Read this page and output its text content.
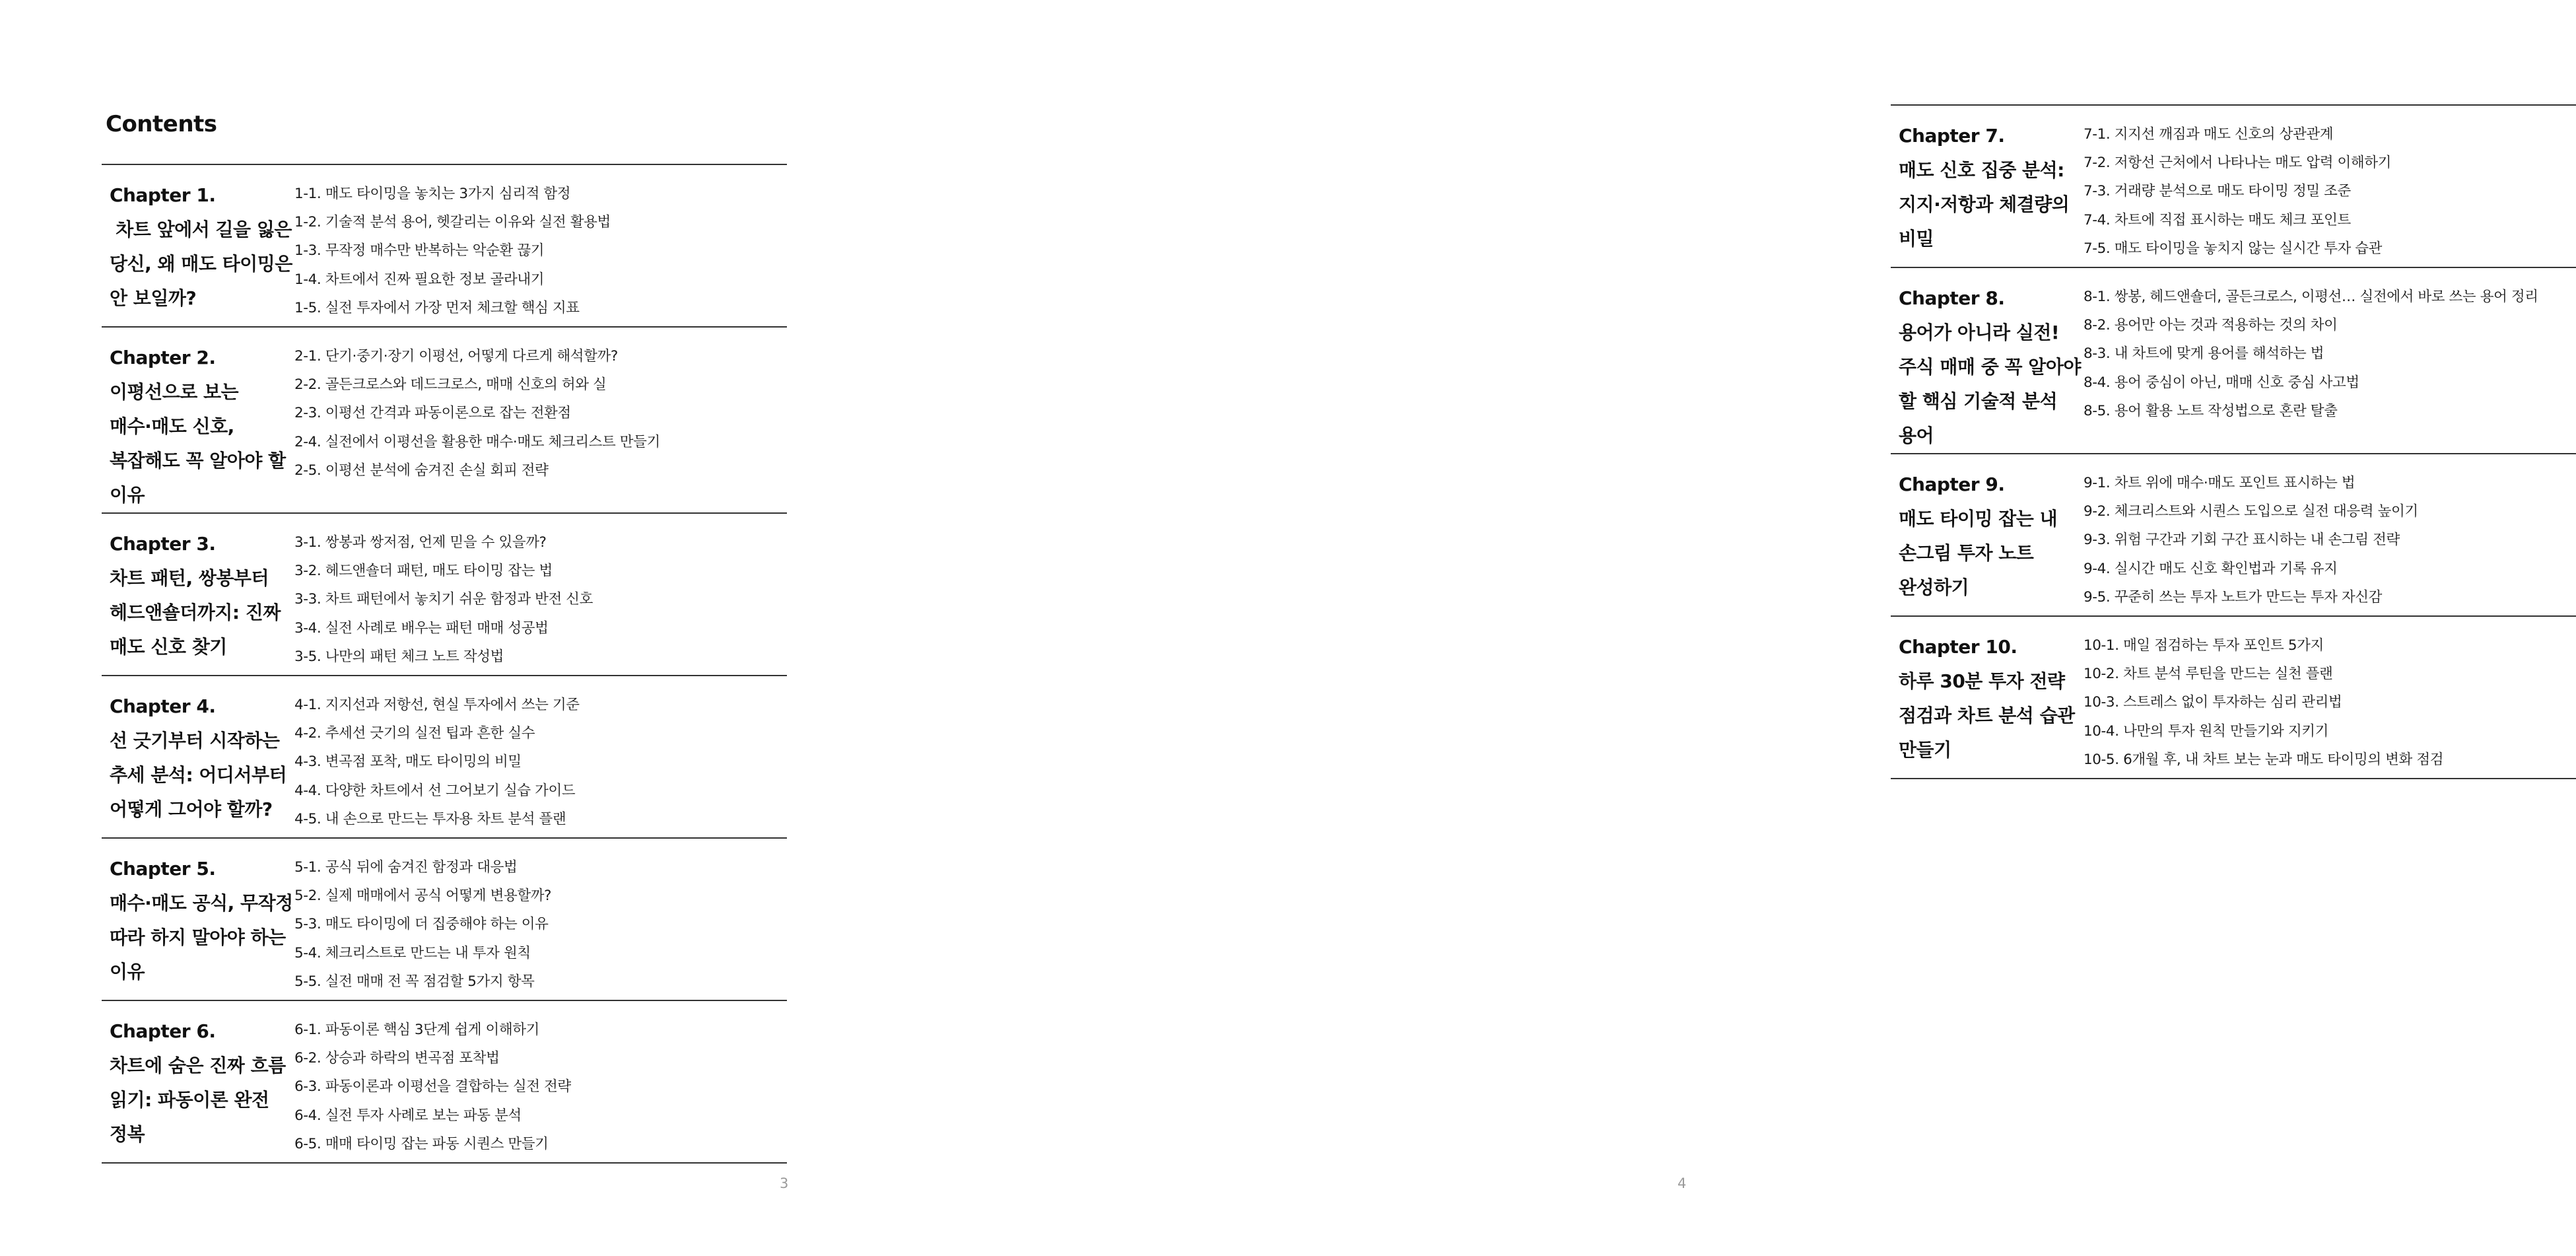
Contents
Chapter 1.
차트 앞에서 길을 잃은
당신, 왜 매도 타이밍은
안 보일까?
1-1. 매도 타이밍을 놓치는 3가지 심리적 함정
1-2. 기술적 분석 용어, 헷갈리는 이유와 실전 활용법
1-3. 무작정 매수만 반복하는 악순환 끊기
1-4. 차트에서 진짜 필요한 정보 골라내기
1-5. 실전 투자에서 가장 먼저 체크할 핵심 지표
Chapter 2.
이평선으로 보는
매수·매도 신호,
복잡해도 꼭 알아야 할
이유
2-1. 단기·중기·장기 이평선, 어떻게 다르게 해석할까?
2-2. 골든크로스와 데드크로스, 매매 신호의 허와 실
2-3. 이평선 간격과 파동이론으로 잡는 전환점
2-4. 실전에서 이평선을 활용한 매수·매도 체크리스트 만들기
2-5. 이평선 분석에 숨겨진 손실 회피 전략
Chapter 3.
차트 패턴, 쌍봉부터
헤드앤숄더까지: 진짜
매도 신호 찾기
3-1. 쌍봉과 쌍저점, 언제 믿을 수 있을까?
3-2. 헤드앤숄더 패턴, 매도 타이밍 잡는 법
3-3. 차트 패턴에서 놓치기 쉬운 함정과 반전 신호
3-4. 실전 사례로 배우는 패턴 매매 성공법
3-5. 나만의 패턴 체크 노트 작성법
Chapter 4.
선 긋기부터 시작하는
추세 분석: 어디서부터
어떻게 그어야 할까?
4-1. 지지선과 저항선, 현실 투자에서 쓰는 기준
4-2. 추세선 긋기의 실전 팁과 흔한 실수
4-3. 변곡점 포착, 매도 타이밍의 비밀
4-4. 다양한 차트에서 선 그어보기 실습 가이드
4-5. 내 손으로 만드는 투자용 차트 분석 플랜
Chapter 5.
매수·매도 공식, 무작정
따라 하지 말아야 하는
이유
5-1. 공식 뒤에 숨겨진 함정과 대응법
5-2. 실제 매매에서 공식 어떻게 변용할까?
5-3. 매도 타이밍에 더 집중해야 하는 이유
5-4. 체크리스트로 만드는 내 투자 원칙
5-5. 실전 매매 전 꼭 점검할 5가지 항목
Chapter 6.
차트에 숨은 진짜 흐름
읽기: 파동이론 완전
정복
6-1. 파동이론 핵심 3단계 쉽게 이해하기
6-2. 상승과 하락의 변곡점 포착법
6-3. 파동이론과 이평선을 결합하는 실전 전략
6-4. 실전 투자 사례로 보는 파동 분석
6-5. 매매 타이밍 잡는 파동 시퀀스 만들기
3
Chapter 7.
매도 신호 집중 분석:
지지·저항과 체결량의
비밀
7-1. 지지선 깨짐과 매도 신호의 상관관계
7-2. 저항선 근처에서 나타나는 매도 압력 이해하기
7-3. 거래량 분석으로 매도 타이밍 정밀 조준
7-4. 차트에 직접 표시하는 매도 체크 포인트
7-5. 매도 타이밍을 놓치지 않는 실시간 투자 습관
Chapter 8.
용어가 아니라 실전!
주식 매매 중 꼭 알아야
할 핵심 기술적 분석
용어
8-1. 쌍봉, 헤드앤숄더, 골든크로스, 이평선… 실전에서 바로 쓰는 용어 정리
8-2. 용어만 아는 것과 적용하는 것의 차이
8-3. 내 차트에 맞게 용어를 해석하는 법
8-4. 용어 중심이 아닌, 매매 신호 중심 사고법
8-5. 용어 활용 노트 작성법으로 혼란 탈출
Chapter 9.
매도 타이밍 잡는 내
손그림 투자 노트
완성하기
9-1. 차트 위에 매수·매도 포인트 표시하는 법
9-2. 체크리스트와 시퀀스 도입으로 실전 대응력 높이기
9-3. 위험 구간과 기회 구간 표시하는 내 손그림 전략
9-4. 실시간 매도 신호 확인법과 기록 유지
9-5. 꾸준히 쓰는 투자 노트가 만드는 투자 자신감
Chapter 10.
하루 30분 투자 전략
점검과 차트 분석 습관
만들기
10-1. 매일 점검하는 투자 포인트 5가지
10-2. 차트 분석 루틴을 만드는 실천 플랜
10-3. 스트레스 없이 투자하는 심리 관리법
10-4. 나만의 투자 원칙 만들기와 지키기
10-5. 6개월 후, 내 차트 보는 눈과 매도 타이밍의 변화 점검
4
